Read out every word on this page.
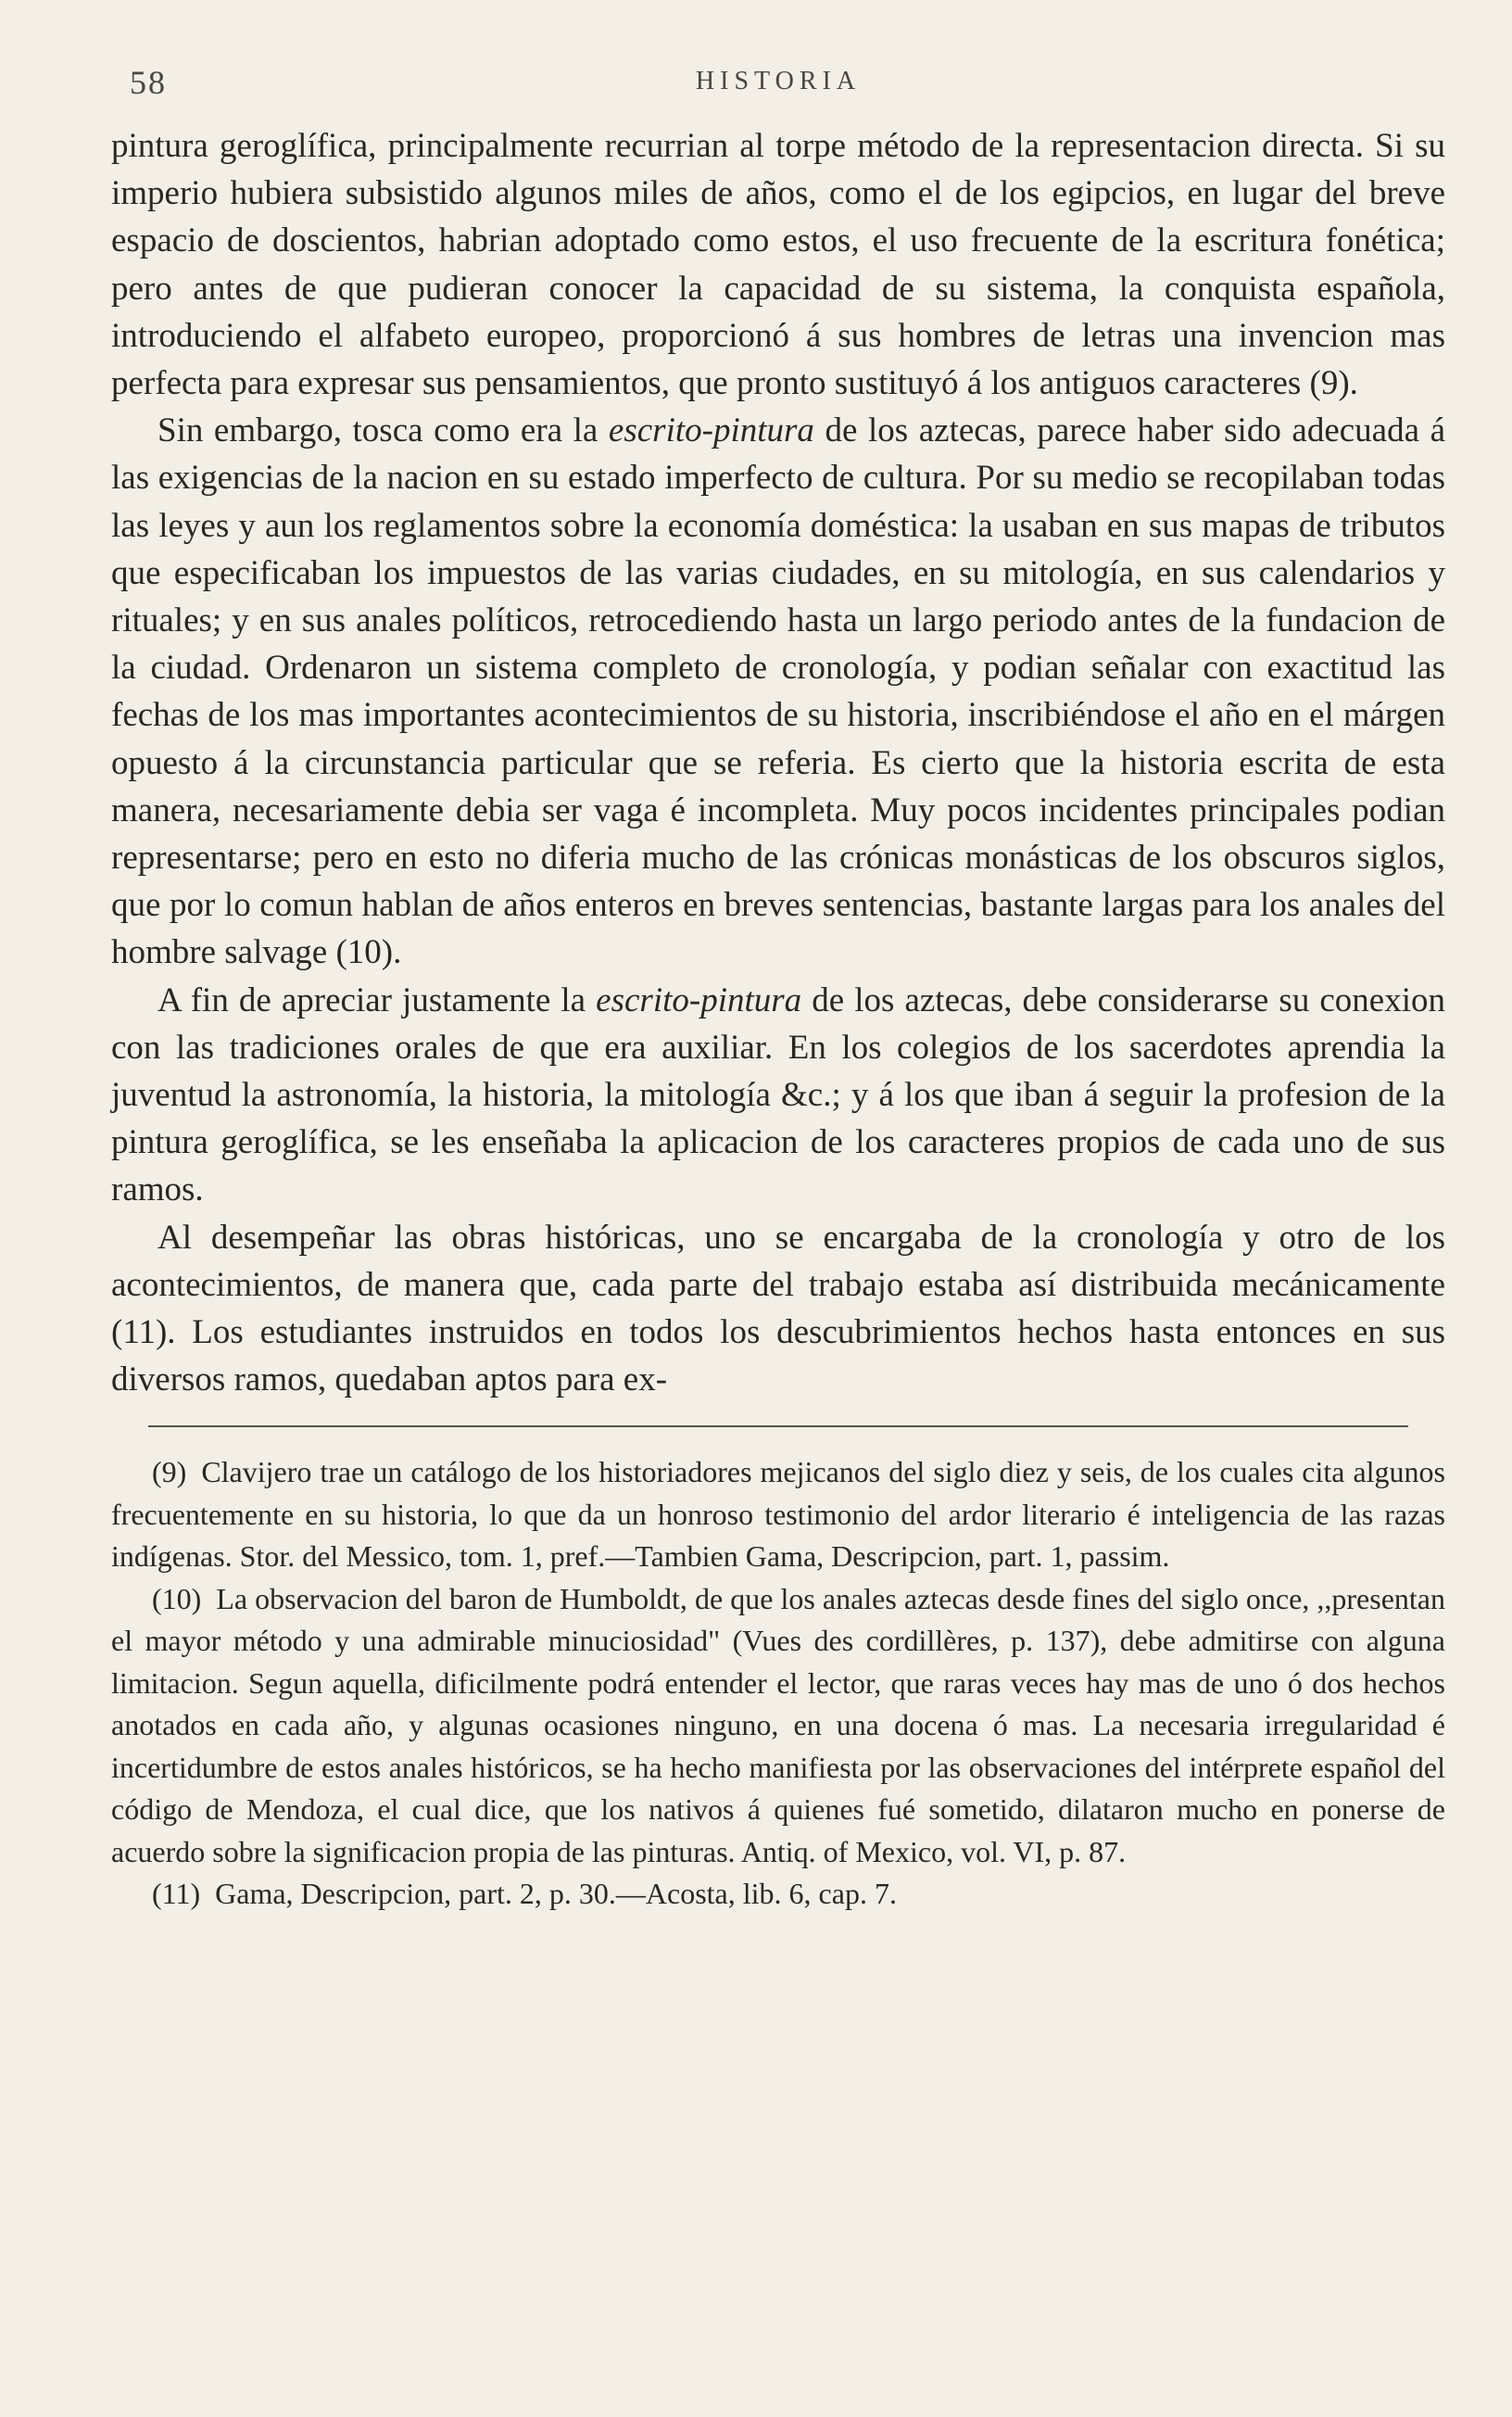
58	HISTORIA

pintura geroglífica, principalmente recurrian al torpe método de la representacion directa. Si su imperio hubiera subsistido algunos miles de años, como el de los egipcios, en lugar del breve espacio de doscientos, habrian adoptado como estos, el uso frecuente de la escritura fonética; pero antes de que pudieran conocer la capacidad de su sistema, la conquista española, introduciendo el alfabeto europeo, proporcionó á sus hombres de letras una invencion mas perfecta para expresar sus pensamientos, que pronto sustituyó á los antiguos caracteres (9).

Sin embargo, tosca como era la escrito-pintura de los aztecas, parece haber sido adecuada á las exigencias de la nacion en su estado imperfecto de cultura. Por su medio se recopilaban todas las leyes y aun los reglamentos sobre la economía doméstica: la usaban en sus mapas de tributos que especificaban los impuestos de las varias ciudades, en su mitología, en sus calendarios y rituales; y en sus anales políticos, retrocediendo hasta un largo periodo antes de la fundacion de la ciudad. Ordenaron un sistema completo de cronología, y podian señalar con exactitud las fechas de los mas importantes acontecimientos de su historia, inscribiéndose el año en el márgen opuesto á la circunstancia particular que se referia. Es cierto que la historia escrita de esta manera, necesariamente debia ser vaga é incompleta. Muy pocos incidentes principales podian representarse; pero en esto no diferia mucho de las crónicas monásticas de los obscuros siglos, que por lo comun hablan de años enteros en breves sentencias, bastante largas para los anales del hombre salvage (10).

A fin de apreciar justamente la escrito-pintura de los aztecas, debe considerarse su conexion con las tradiciones orales de que era auxiliar. En los colegios de los sacerdotes aprendia la juventud la astronomía, la historia, la mitología &c.; y á los que iban á seguir la profesion de la pintura geroglífica, se les enseñaba la aplicacion de los caracteres propios de cada uno de sus ramos.

Al desempeñar las obras históricas, uno se encargaba de la cronología y otro de los acontecimientos, de manera que, cada parte del trabajo estaba así distribuida mecánicamente (11). Los estudiantes instruidos en todos los descubrimientos hechos hasta entonces en sus diversos ramos, quedaban aptos para ex-

(9) Clavijero trae un catálogo de los historiadores mejicanos del siglo diez y seis, de los cuales cita algunos frecuentemente en su historia, lo que da un honroso testimonio del ardor literario é inteligencia de las razas indígenas. Stor. del Messico, tom. 1, pref.—Tambien Gama, Descripcion, part. 1, passim.

(10) La observacion del baron de Humboldt, de que los anales aztecas desde fines del siglo once, ,,presentan el mayor método y una admirable minuciosidad" (Vues des cordillères, p. 137), debe admitirse con alguna limitacion. Segun aquella, dificilmente podrá entender el lector, que raras veces hay mas de uno ó dos hechos anotados en cada año, y algunas ocasiones ninguno, en una docena ó mas. La necesaria irregularidad é incertidumbre de estos anales históricos, se ha hecho manifiesta por las observaciones del intérprete español del código de Mendoza, el cual dice, que los nativos á quienes fué sometido, dilataron mucho en ponerse de acuerdo sobre la significacion propia de las pinturas. Antiq. of Mexico, vol. VI, p. 87.

(11) Gama, Descripcion, part. 2, p. 30.—Acosta, lib. 6, cap. 7.
